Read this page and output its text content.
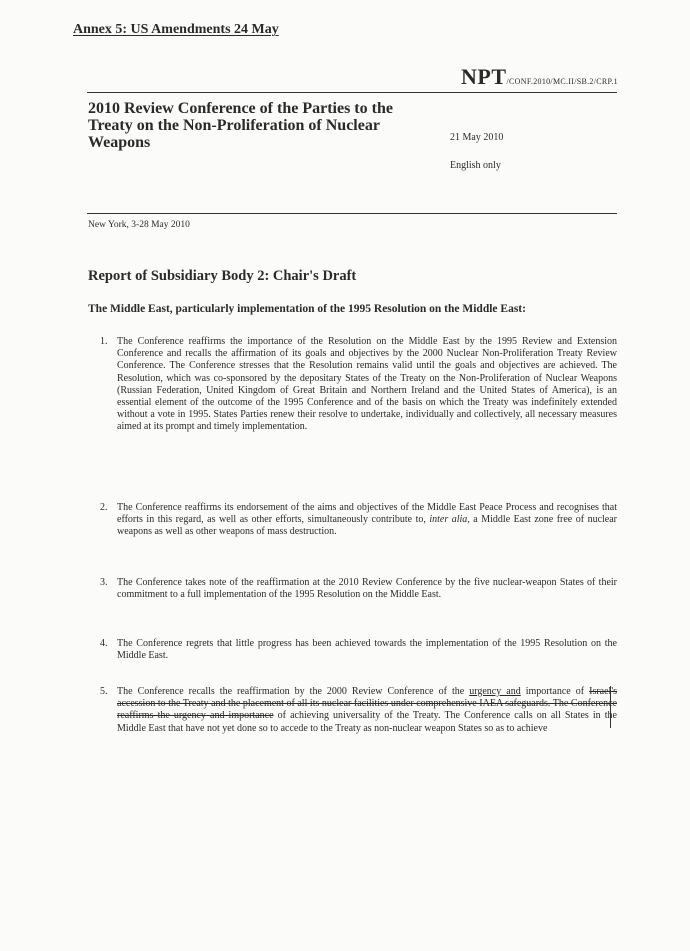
Annex 5: US Amendments 24 May
NPT/CONF.2010/MC.II/SB.2/CRP.1
2010 Review Conference of the Parties to the Treaty on the Non-Proliferation of Nuclear Weapons	21 May 2010
English only
New York, 3-28 May 2010
Report of Subsidiary Body 2: Chair's Draft
The Middle East, particularly implementation of the 1995 Resolution on the Middle East:
1. The Conference reaffirms the importance of the Resolution on the Middle East by the 1995 Review and Extension Conference and recalls the affirmation of its goals and objectives by the 2000 Nuclear Non-Proliferation Treaty Review Conference. The Conference stresses that the Resolution remains valid until the goals and objectives are achieved. The Resolution, which was co-sponsored by the depositary States of the Treaty on the Non-Proliferation of Nuclear Weapons (Russian Federation, United Kingdom of Great Britain and Northern Ireland and the United States of America), is an essential element of the outcome of the 1995 Conference and of the basis on which the Treaty was indefinitely extended without a vote in 1995. States Parties renew their resolve to undertake, individually and collectively, all necessary measures aimed at its prompt and timely implementation.
2. The Conference reaffirms its endorsement of the aims and objectives of the Middle East Peace Process and recognises that efforts in this regard, as well as other efforts, simultaneously contribute to, inter alia, a Middle East zone free of nuclear weapons as well as other weapons of mass destruction.
3. The Conference takes note of the reaffirmation at the 2010 Review Conference by the five nuclear-weapon States of their commitment to a full implementation of the 1995 Resolution on the Middle East.
4. The Conference regrets that little progress has been achieved towards the implementation of the 1995 Resolution on the Middle East.
5. The Conference recalls the reaffirmation by the 2000 Review Conference of the urgency and importance of Israel's accession to the Treaty and the placement of all its nuclear facilities under comprehensive IAEA safeguards. The Conference reaffirms the urgency and importance of achieving universality of the Treaty. The Conference calls on all States in the Middle East that have not yet done so to accede to the Treaty as non-nuclear weapon States so as to achieve
